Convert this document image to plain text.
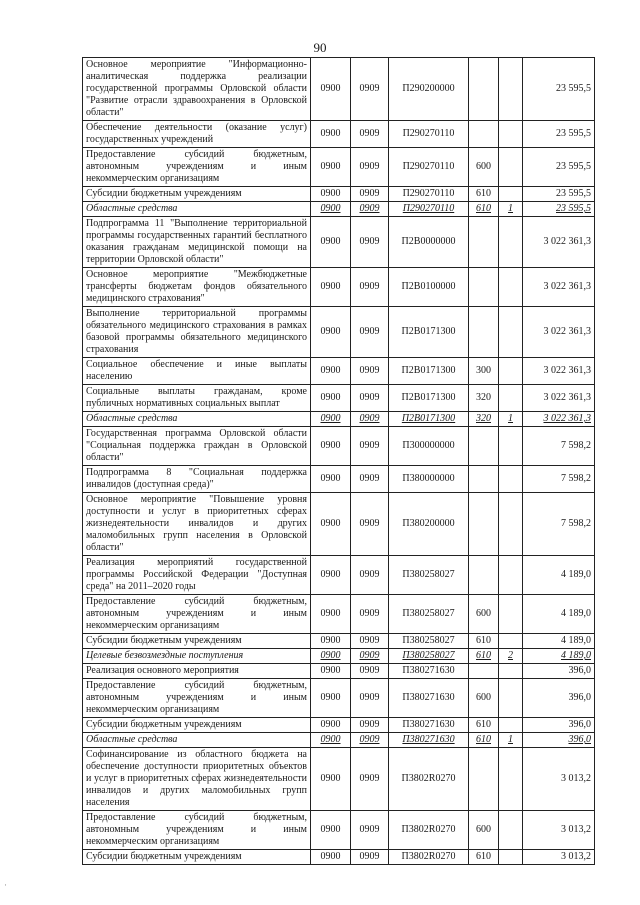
90
Основное мероприятие "Информационно-аналитическая поддержка реализации государственной программы Орловской области "Развитие отрасли здравоохранения в Орловской области"	0900	0909	П290200000			23 595,5
Обеспечение деятельности (оказание услуг) государственных учреждений	0900	0909	П290270110			23 595,5
Предоставление субсидий бюджетным, автономным учреждениям и иным некоммерческим организациям	0900	0909	П290270110	600		23 595,5
Субсидии бюджетным учреждениям	0900	0909	П290270110	610		23 595,5
Областные средства	0900	0909	П290270110	610	1	23 595,5
Подпрограмма 11 "Выполнение территориальной программы государственных гарантий бесплатного оказания гражданам медицинской помощи на территории Орловской области"	0900	0909	П2В0000000			3 022 361,3
Основное мероприятие "Межбюджетные трансферты бюджетам фондов обязательного медицинского страхования"	0900	0909	П2В0100000			3 022 361,3
Выполнение территориальной программы обязательного медицинского страхования в рамках базовой программы обязательного медицинского страхования	0900	0909	П2В0171300			3 022 361,3
Социальное обеспечение и иные выплаты населению	0900	0909	П2В0171300	300		3 022 361,3
Социальные выплаты гражданам, кроме публичных нормативных социальных выплат	0900	0909	П2В0171300	320		3 022 361,3
Областные средства	0900	0909	П2В0171300	320	1	3 022 361,3
Государственная программа Орловской области "Социальная поддержка граждан в Орловской области"	0900	0909	П300000000			7 598,2
Подпрограмма 8 "Социальная поддержка инвалидов (доступная среда)"	0900	0909	П380000000			7 598,2
Основное мероприятие "Повышение уровня доступности и услуг в приоритетных сферах жизнедеятельности инвалидов и других маломобильных групп населения в Орловской области"	0900	0909	П380200000			7 598,2
Реализация мероприятий государственной программы Российской Федерации "Доступная среда" на 2011–2020 годы	0900	0909	П380258027			4 189,0
Предоставление субсидий бюджетным, автономным учреждениям и иным некоммерческим организациям	0900	0909	П380258027	600		4 189,0
Субсидии бюджетным учреждениям	0900	0909	П380258027	610		4 189,0
Целевые безвозмездные поступления	0900	0909	П380258027	610	2	4 189,0
Реализация основного мероприятия	0900	0909	П380271630			396,0
Предоставление субсидий бюджетным, автономным учреждениям и иным некоммерческим организациям	0900	0909	П380271630	600		396,0
Субсидии бюджетным учреждениям	0900	0909	П380271630	610		396,0
Областные средства	0900	0909	П380271630	610	1	396,0
Софинансирование из областного бюджета на обеспечение доступности приоритетных объектов и услуг в приоритетных сферах жизнедеятельности инвалидов и других маломобильных групп населения	0900	0909	П3802R0270			3 013,2
Предоставление субсидий бюджетным, автономным учреждениям и иным некоммерческим организациям	0900	0909	П3802R0270	600		3 013,2
Субсидии бюджетным учреждениям	0900	0909	П3802R0270	610		3 013,2
·
